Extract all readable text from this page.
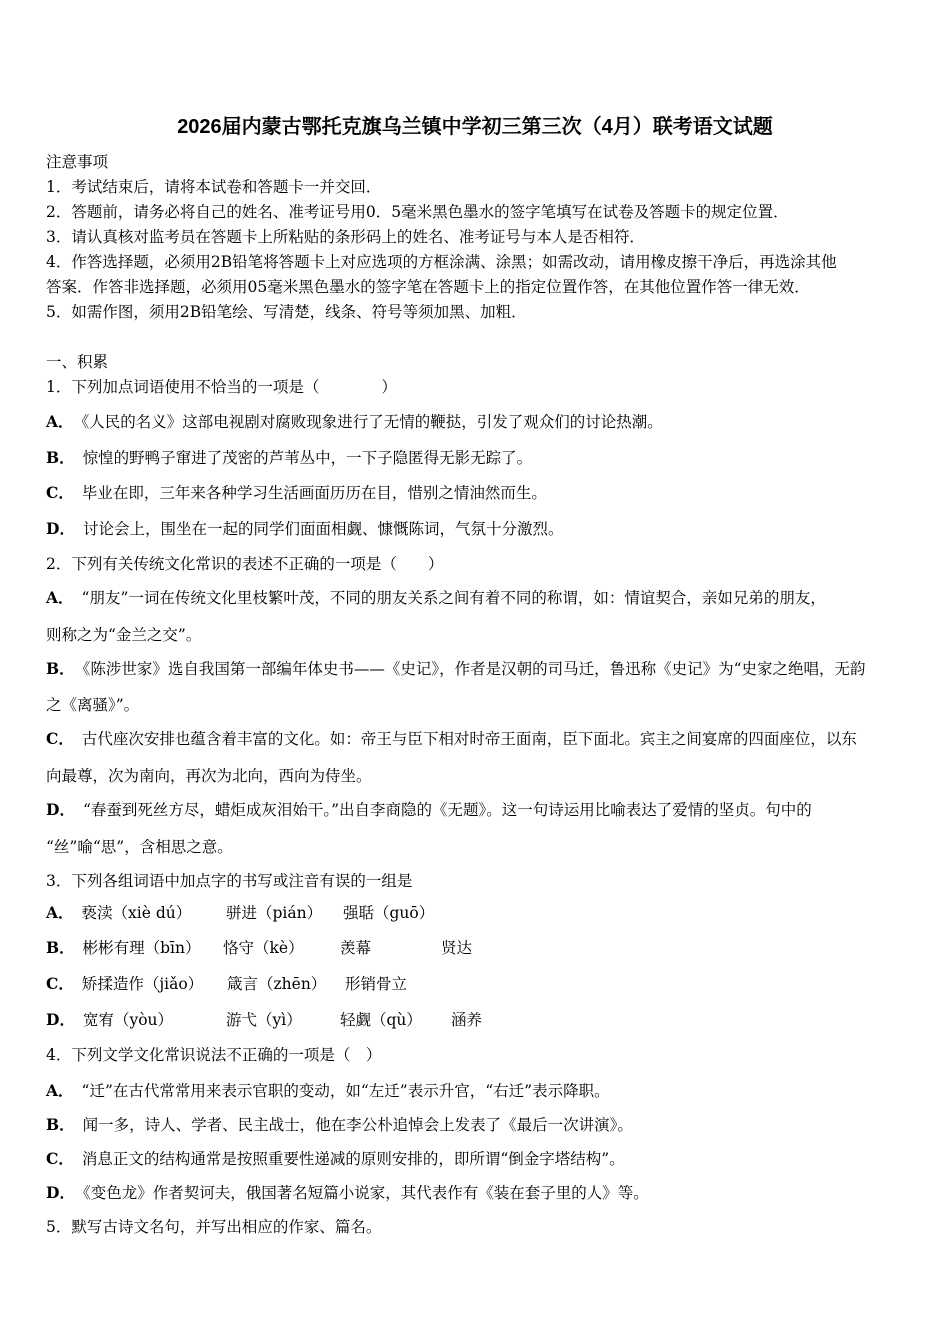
2026届内蒙古鄂托克旗乌兰镇中学初三第三次（4月）联考语文试题
注意事项
1．考试结束后，请将本试卷和答题卡一并交回．
2．答题前，请务必将自己的姓名、准考证号用0．5毫米黑色墨水的签字笔填写在试卷及答题卡的规定位置．
3．请认真核对监考员在答题卡上所粘贴的条形码上的姓名、准考证号与本人是否相符．
4．作答选择题，必须用2B铅笔将答题卡上对应选项的方框涂满、涂黑；如需改动，请用橡皮擦干净后，再选涂其他
答案．作答非选择题，必须用05毫米黑色墨水的签字笔在答题卡上的指定位置作答，在其他位置作答一律无效．
5．如需作图，须用2B铅笔绘、写清楚，线条、符号等须加黑、加粗．
一、积累
1．下列加点词语使用不恰当的一项是（　　　　）
A． 《人民的名义》这部电视剧对腐败现象进行了无情的鞭挞，引发了观众们的讨论热潮。
B． 惊惶的野鸭子窜进了茂密的芦苇丛中，一下子隐匿得无影无踪了。
C． 毕业在即，三年来各种学习生活画面历历在目，惜别之情油然而生。
D． 讨论会上，围坐在一起的同学们面面相觑、慷慨陈词，气氛十分激烈。
2．下列有关传统文化常识的表述不正确的一项是（　　）
A． “朋友”一词在传统文化里枝繁叶茂，不同的朋友关系之间有着不同的称谓，如：情谊契合，亲如兄弟的朋友，
则称之为“金兰之交”。
B． 《陈涉世家》选自我国第一部编年体史书——《史记》，作者是汉朝的司马迁，鲁迅称《史记》为“史家之绝唱，无韵
之《离骚》”。
C． 古代座次安排也蕴含着丰富的文化。如：帝王与臣下相对时帝王面南，臣下面北。宾主之间宴席的四面座位，以东
向最尊，次为南向，再次为北向，西向为侍坐。
D． “春蚕到死丝方尽，蜡炬成灰泪始干。”出自李商隐的《无题》。这一句诗运用比喻表达了爱情的坚贞。句中的
“丝”喻“思”，含相思之意。
3．下列各组词语中加点字的书写或注音有误的一组是
A． 亵渎（xiè dú） 骈进（pián） 强聒（guō）
B． 彬彬有理（bīn） 恪守（kè） 羡幕	贤达
C． 矫揉造作（jiǎo） 箴言（zhēn） 形销骨立
D． 宽宥（yòu）	游弋（yì） 轻觑（qù） 涵养
4．下列文学文化常识说法不正确的一项是（　）
A． “迁”在古代常常用来表示官职的变动，如“左迁”表示升官，“右迁”表示降职。
B． 闻一多，诗人、学者、民主战士，他在李公朴追悼会上发表了《最后一次讲演》。
C． 消息正文的结构通常是按照重要性递减的原则安排的，即所谓“倒金字塔结构”。
D． 《变色龙》作者契诃夫，俄国著名短篇小说家，其代表作有《装在套子里的人》等。
5．默写古诗文名句，并写出相应的作家、篇名。
